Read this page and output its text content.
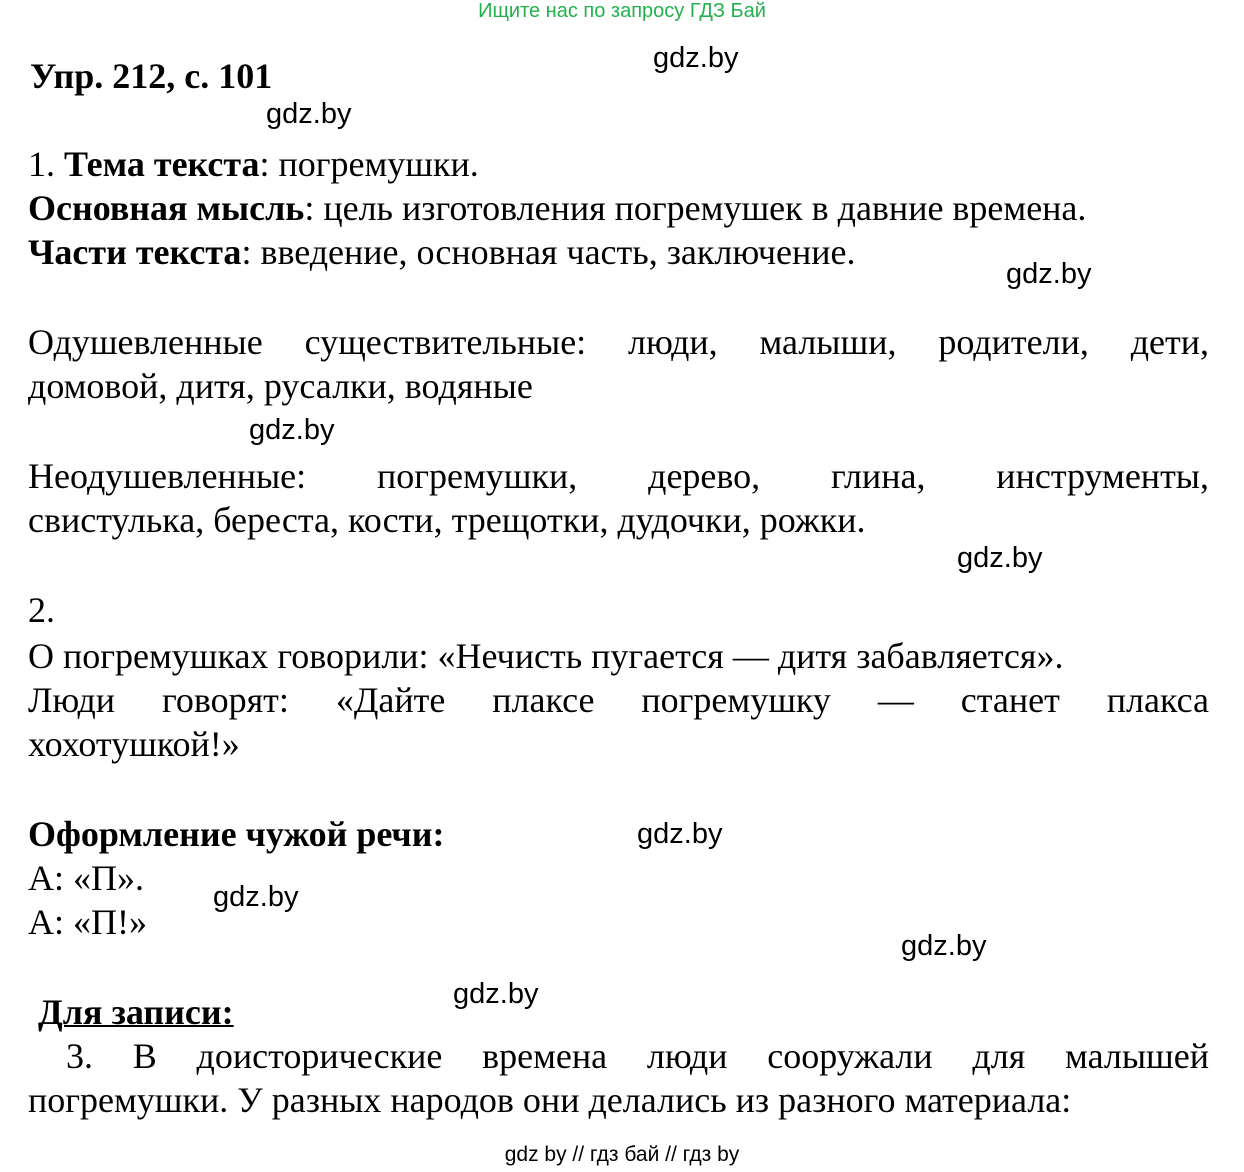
Ищите нас по запросу ГДЗ Бай
Упр. 212, с. 101	gdz.by
gdz.by
gdz.by
gdz.by
gdz.by
gdz.by
gdz.by
gdz.by
gdz.by
1. Тема текста: погремушки.
Основная мысль: цель изготовления погремушек в давние времена.
Части текста: введение, основная часть, заключение.
Одушевленные существительные: люди, малыши, родители, дети,
домовой, дитя, русалки, водяные
Неодушевленные: погремушки, дерево, глина, инструменты,
свистулька, береста, кости, трещотки, дудочки, рожки.
2.
О погремушках говорили: «Нечисть пугается — дитя забавляется».
Люди говорят: «Дайте плаксе погремушку — станет плакса
хохотушкой!»
Оформление чужой речи:
А: «П».
А: «П!»
Для записи:
3. В доисторические времена люди сооружали для малышей
погремушки. У разных народов они делались из разного материала:
gdz by // гдз бай // гдз by
